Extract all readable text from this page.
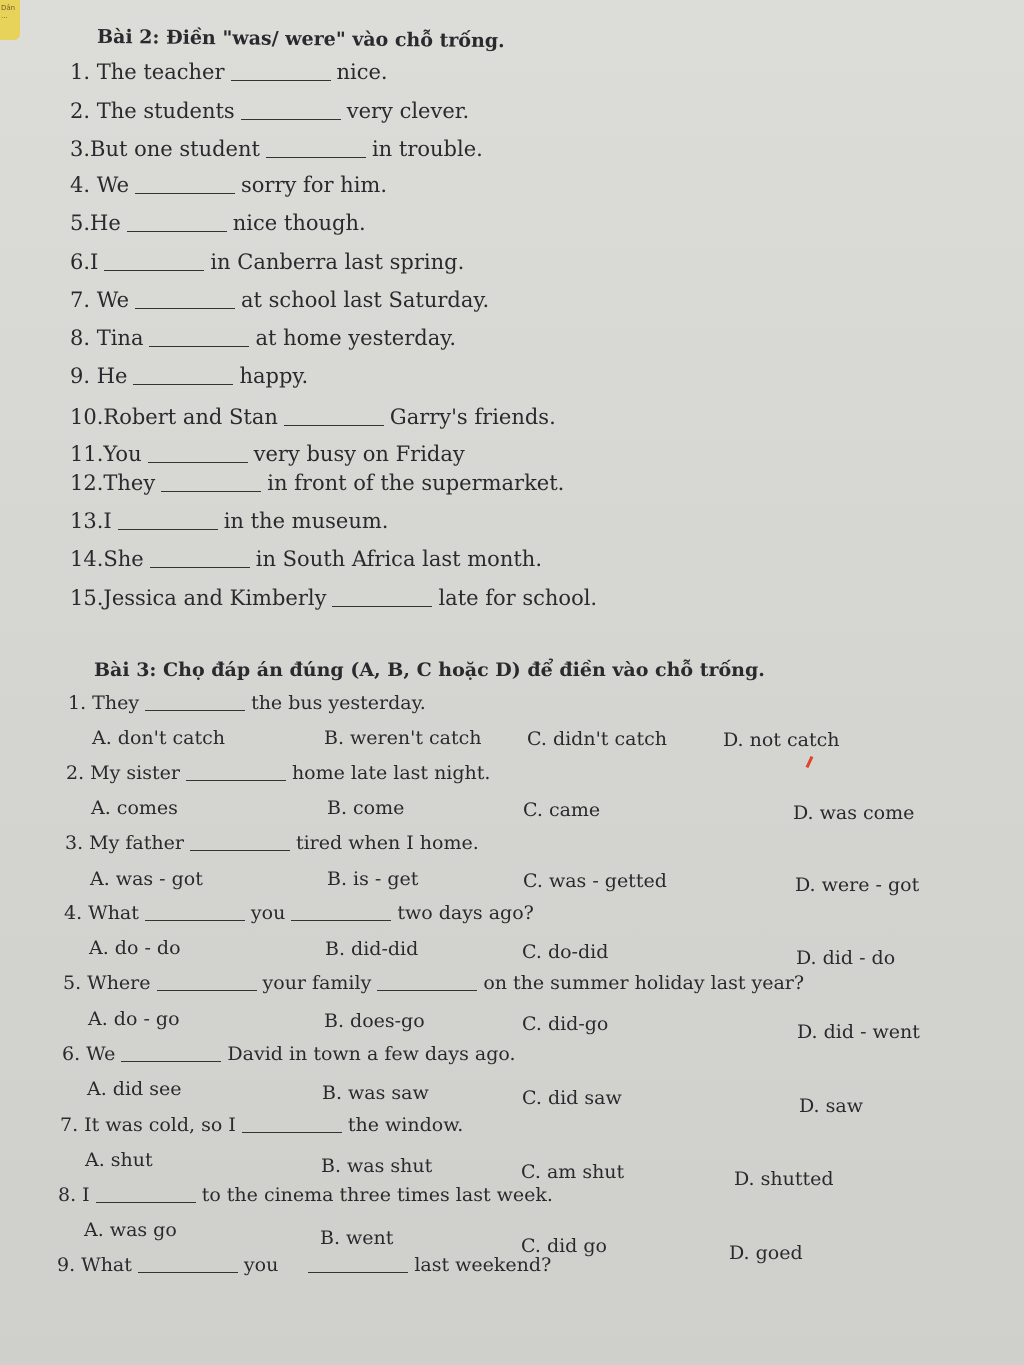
Dân ...
Bài 2: Điền "was/ were" vào chỗ trống.
1. The teacher	nice.
2. The students	very clever.
3.But one student	in trouble.
4. We	sorry for him.
5.He	nice though.
6.I	in Canberra last spring.
7. We	at school last Saturday.
8. Tina	at home yesterday.
9. He	happy.
10.Robert and Stan	Garry's friends.
11.You	very busy on Friday
12.They	in front of the supermarket.
13.I	in the museum.
14.She	in South Africa last month.
15.Jessica and Kimberly	late for school.
Bài 3: Chọ đáp án đúng (A, B, C hoặc D) để điền vào chỗ trống.
1. They	the bus yesterday.
A. don't catch	B. weren't catch C. didn't catch	D. not catch
2. My sister	home late last night.
A. comes	B. come	C. came	D. was come
3. My father	tired when I home.
A. was - got	B. is - get	C. was - getted	D. were - got
4. What	you	two days ago?
A. do - do	B. did-did	C. do-did	D. did - do
5. Where	your family	on the summer holiday last year?
A. do - go	B. does-go	C. did-go	D. did - went
6. We	David in town a few days ago.
A. did see	B. was saw	C. did saw	D. saw
7. It was cold, so I	the window.
A. shut	B. was shut	C. am shut	D. shutted
8. I	to the cinema three times last week.
A. was go	B. went	C. did go	D. goed
9. What	you	last weekend?
